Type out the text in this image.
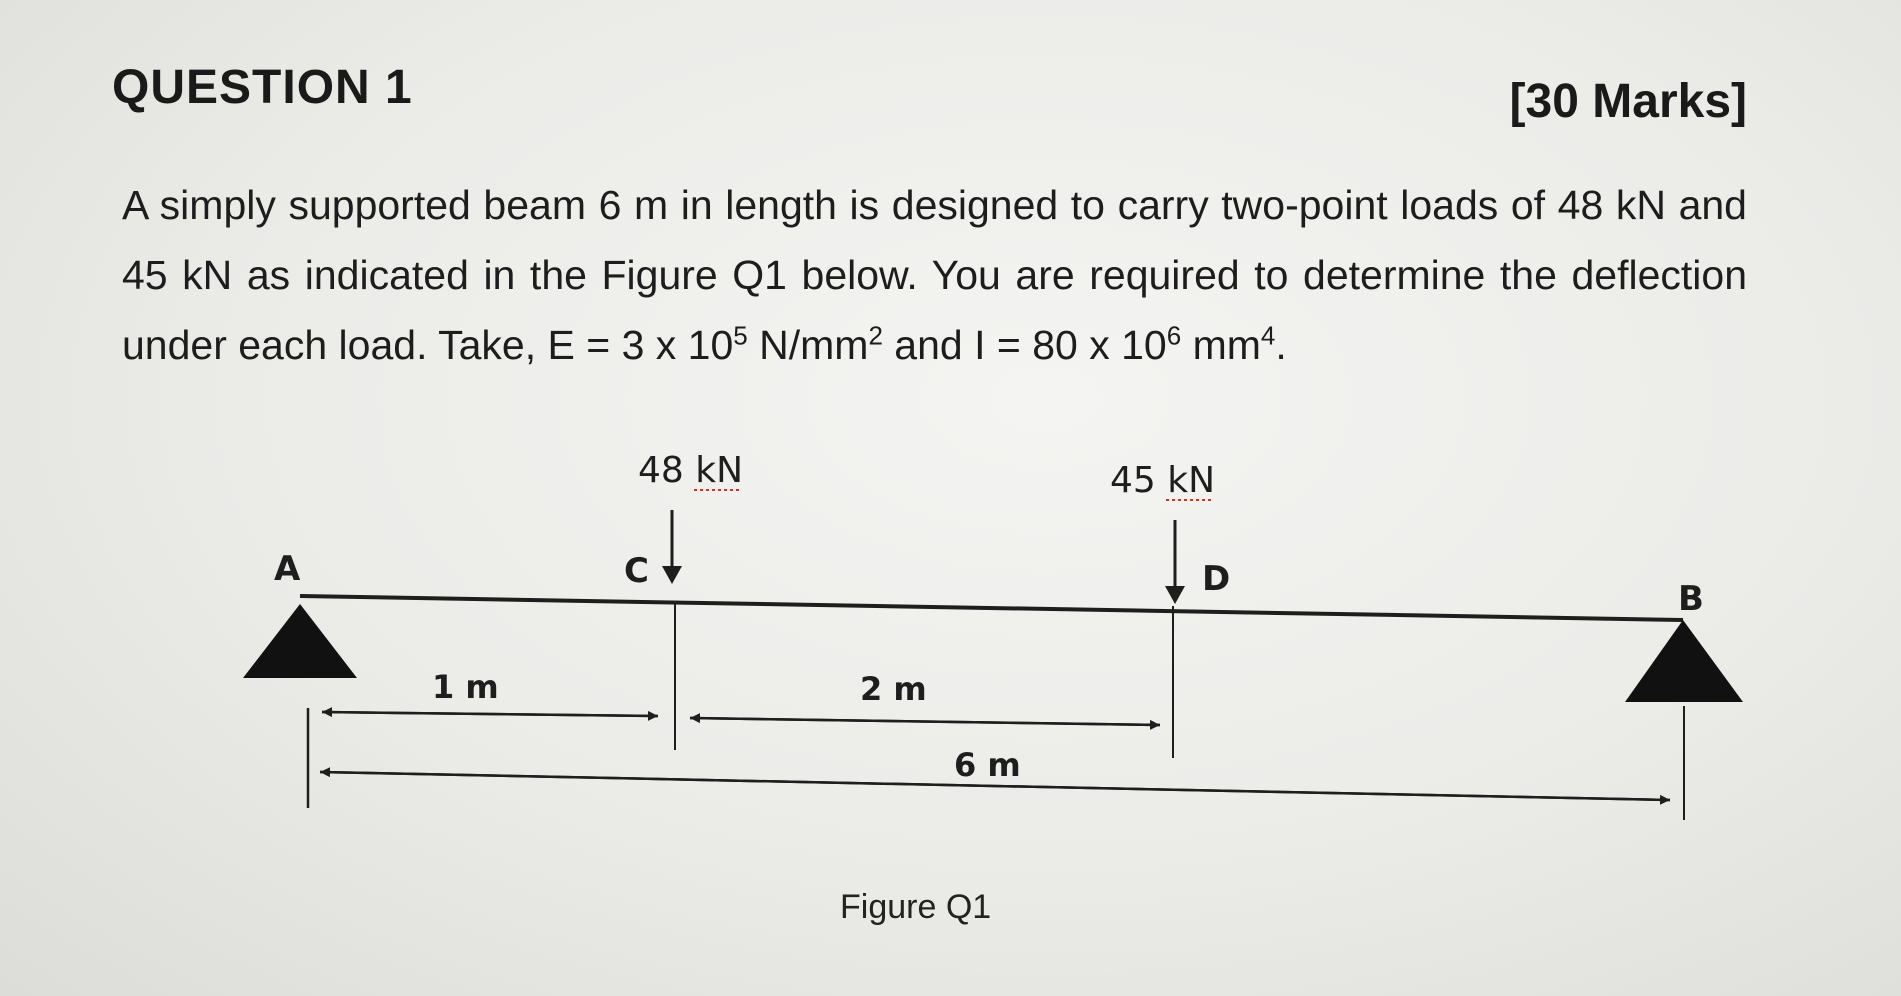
QUESTION 1	[30 Marks]

A simply supported beam 6 m in length is designed to carry two-point loads of 48 kN and 45 kN as indicated in the Figure Q1 below. You are required to determine the deflection under each load. Take, E = 3 x $10^5$ $N/mm^2$ and I = 80 x $10^6$ $mm^4$.

A
B
C	D
48 kN	45 kN
1 m	2 m
6 m
Figure Q1
